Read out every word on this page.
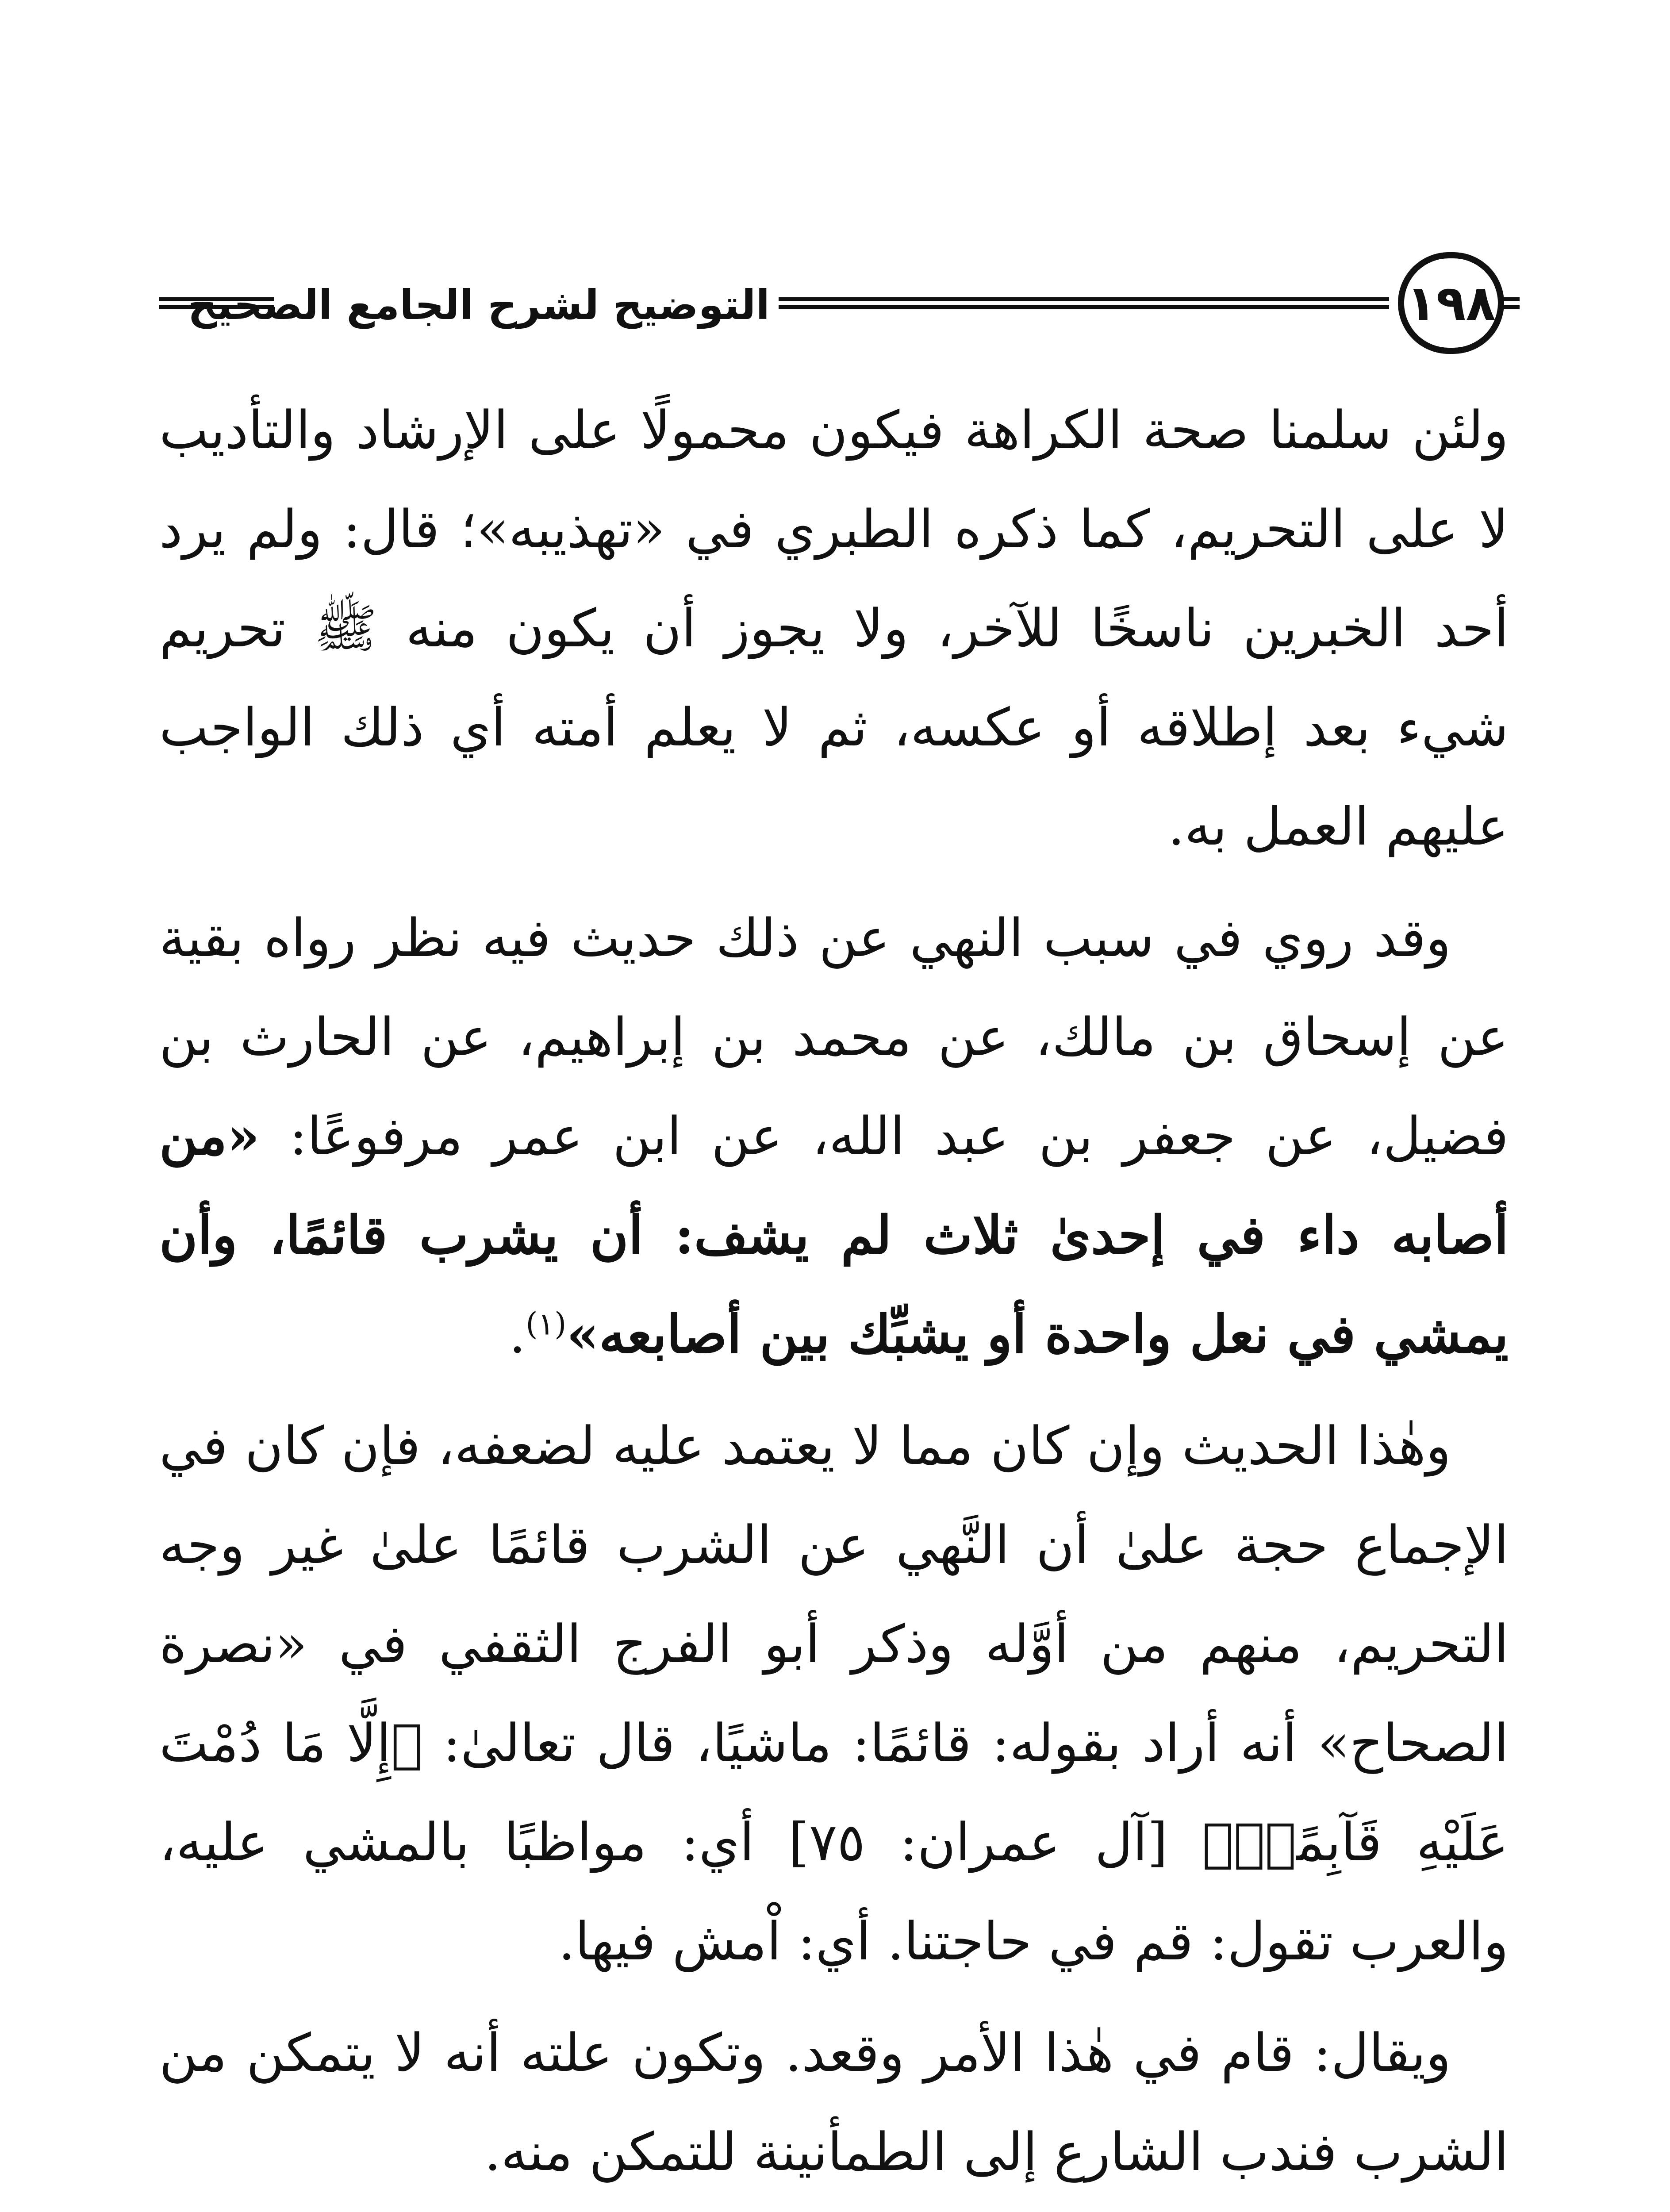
التوضيح لشرح الجامع الصحيح	١٩٨

ولئن سلمنا صحة الكراهة فيكون محمولًا على الإرشاد والتأديب لا على التحريم، كما ذكره الطبري في «تهذيبه»؛ قال: ولم يرد أحد الخبرين ناسخًا للآخر، ولا يجوز أن يكون منه ﷺ تحريم شيء بعد إطلاقه أو عكسه، ثم لا يعلم أمته أي ذلك الواجب عليهم العمل به.

وقد روي في سبب النهي عن ذلك حديث فيه نظر رواه بقية عن إسحاق بن مالك، عن محمد بن إبراهيم، عن الحارث بن فضيل، عن جعفر بن عبد الله، عن ابن عمر مرفوعًا: «من أصابه داء في إحدىٰ ثلاث لم يشف: أن يشرب قائمًا، وأن يمشي في نعل واحدة أو يشبِّك بين أصابعه»$^{(١)}$.

وهٰذا الحديث وإن كان مما لا يعتمد عليه لضعفه، فإن كان في الإجماع حجة علىٰ أن النَّهي عن الشرب قائمًا علىٰ غير وجه التحريم، منهم من أوَّله وذكر أبو الفرج الثقفي في «نصرة الصحاح» أنه أراد بقوله: قائمًا: ماشيًا، قال تعالىٰ: ﴿إِلَّا مَا دُمْتَ عَلَيْهِ قَآبِمًاۗ﴾ [آل عمران: ٧٥] أي: مواظبًا بالمشي عليه، والعرب تقول: قم في حاجتنا. أي: اْمش فيها.

ويقال: قام في هٰذا الأمر وقعد. وتكون علته أنه لا يتمكن من الشرب فندب الشارع إلى الطمأنينة للتمكن منه.
